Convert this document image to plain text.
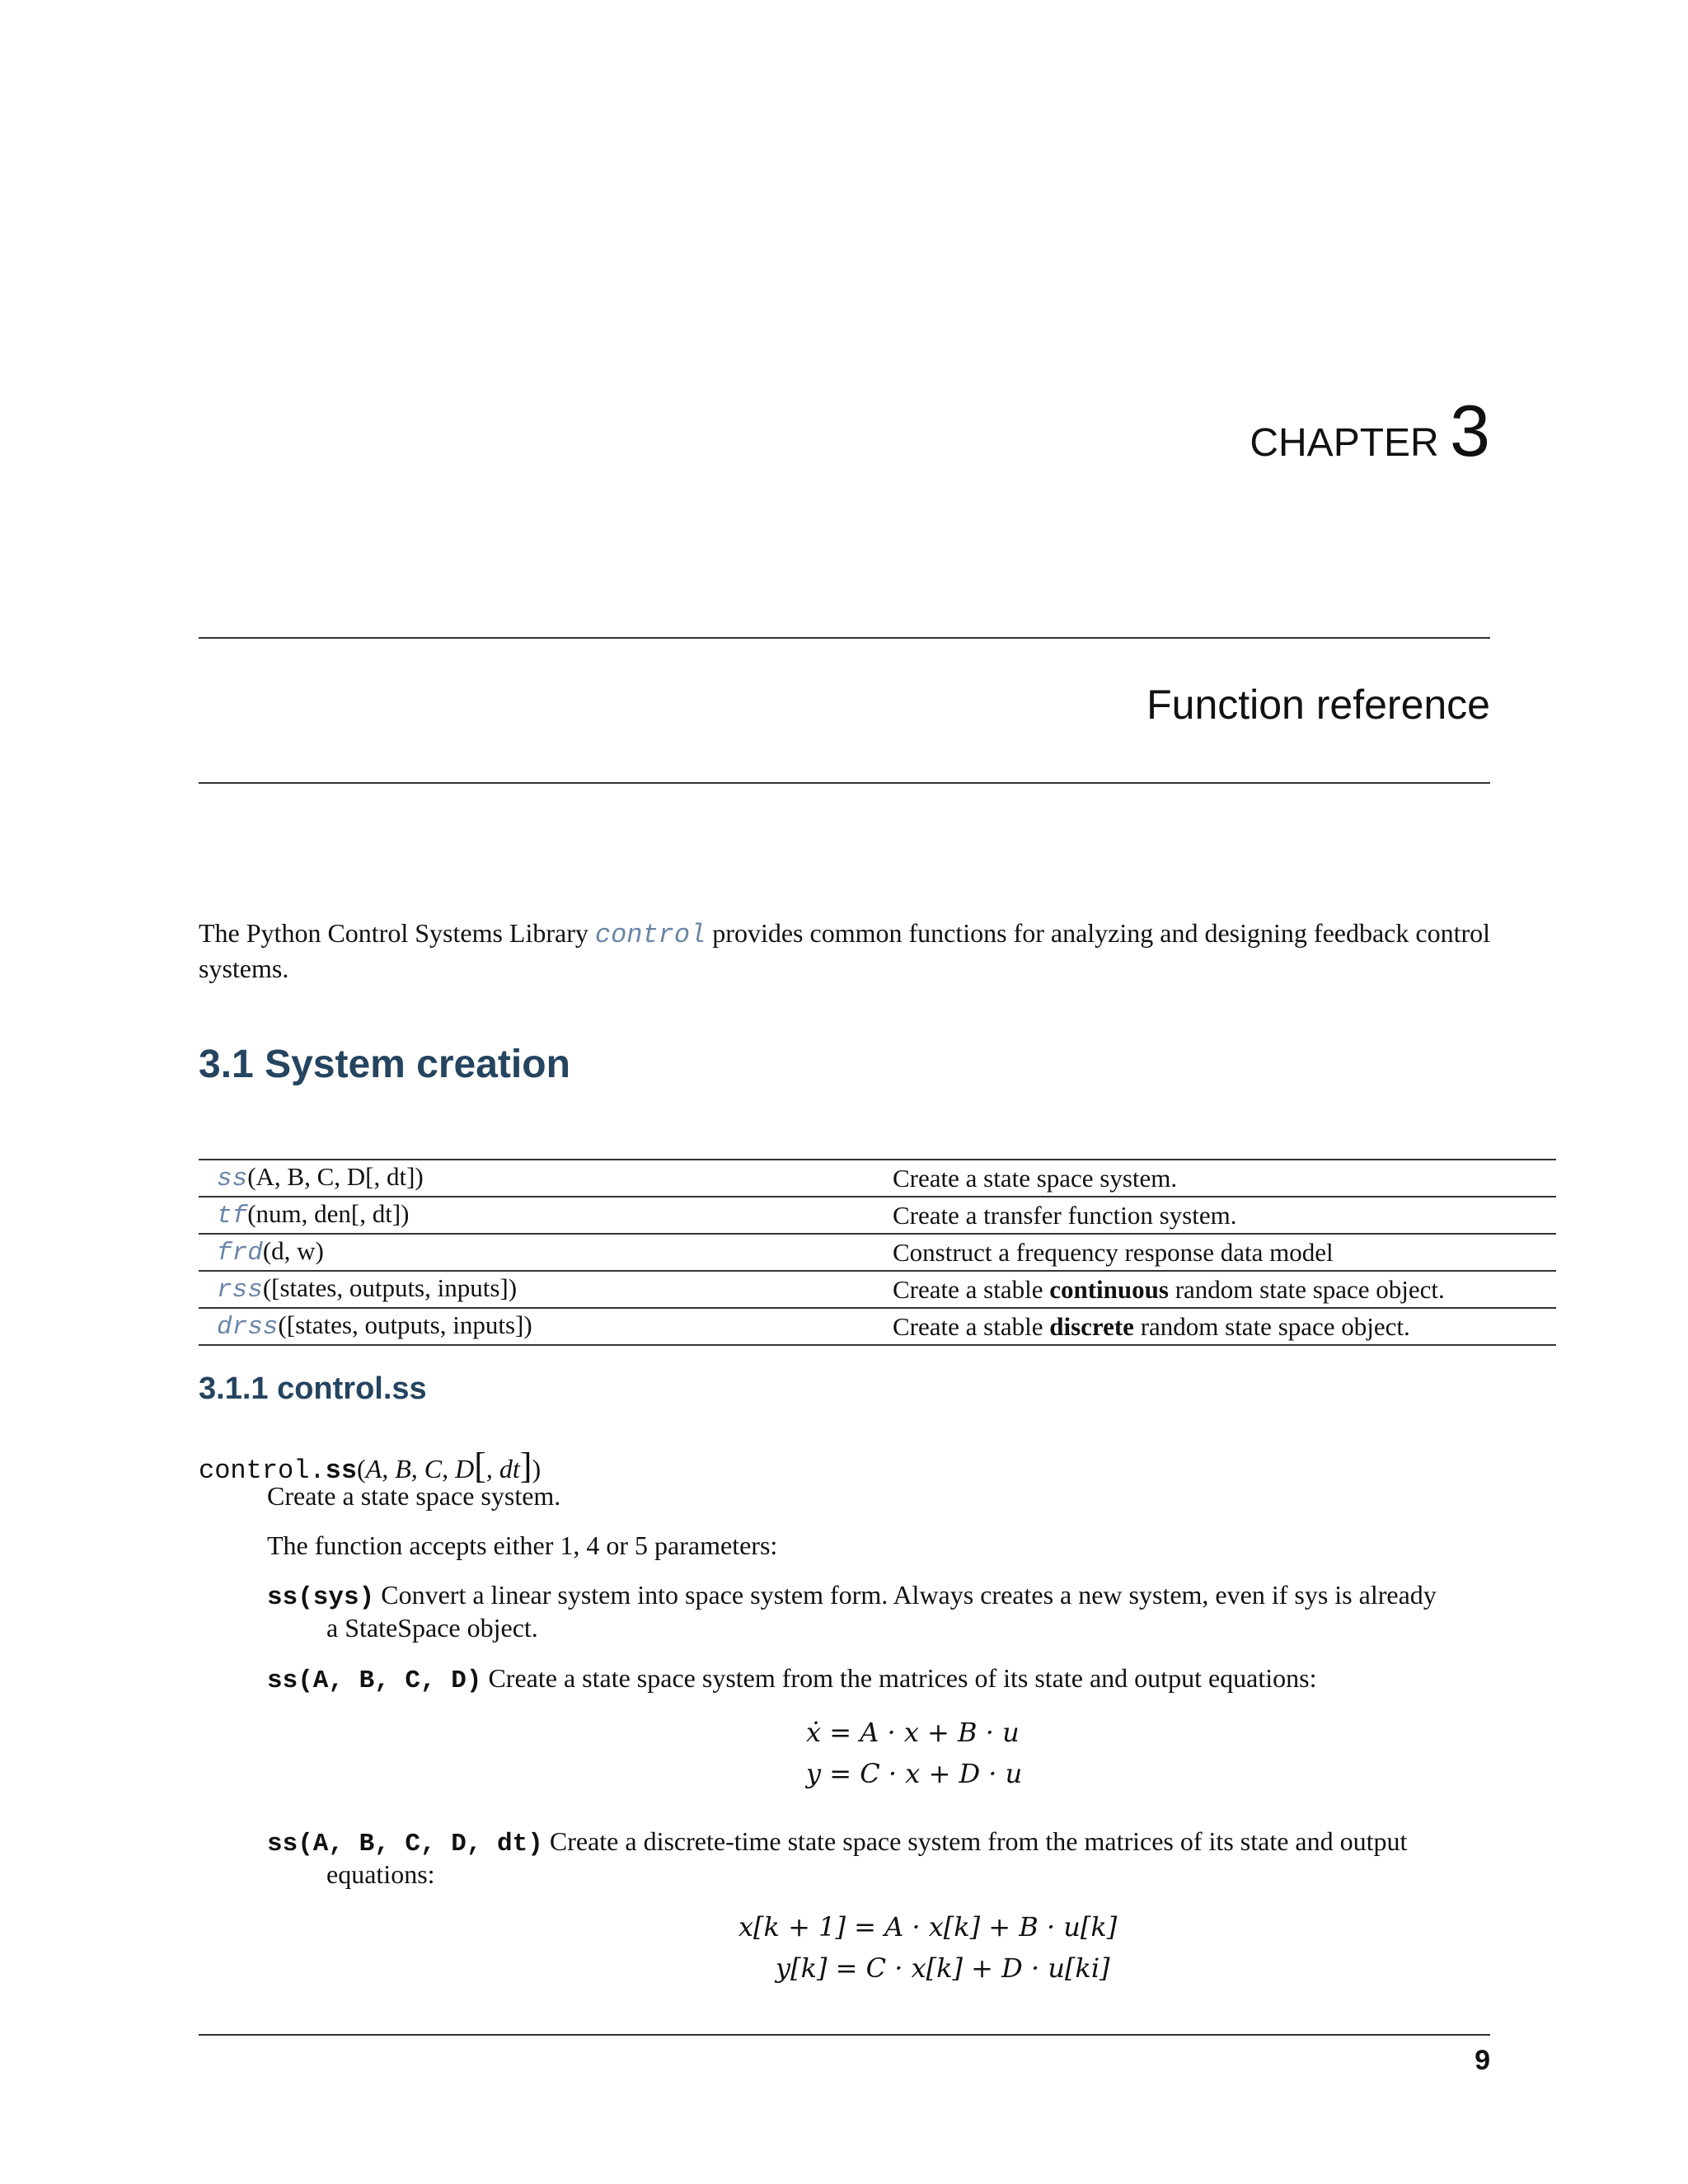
CHAPTER 3
Function reference
The Python Control Systems Library control provides common functions for analyzing and designing feedback control systems.
3.1 System creation
ss(A, B, C, D[, dt])	Create a state space system.
tf(num, den[, dt])	Create a transfer function system.
frd(d, w)	Construct a frequency response data model
rss([states, outputs, inputs])	Create a stable continuous random state space object.
drss([states, outputs, inputs])	Create a stable discrete random state space object.
3.1.1 control.ss
control.ss(A, B, C, D[, dt])
Create a state space system.
The function accepts either 1, 4 or 5 parameters:
ss(sys) Convert a linear system into space system form. Always creates a new system, even if sys is already
a StateSpace object.
ss(A, B, C, D) Create a state space system from the matrices of its state and output equations:
ẋ = A · x + B · u
y = C · x + D · u
ss(A, B, C, D, dt) Create a discrete-time state space system from the matrices of its state and output
equations:
x[k + 1] = A · x[k] + B · u[k]
y[k] = C · x[k] + D · u[ki]
9
